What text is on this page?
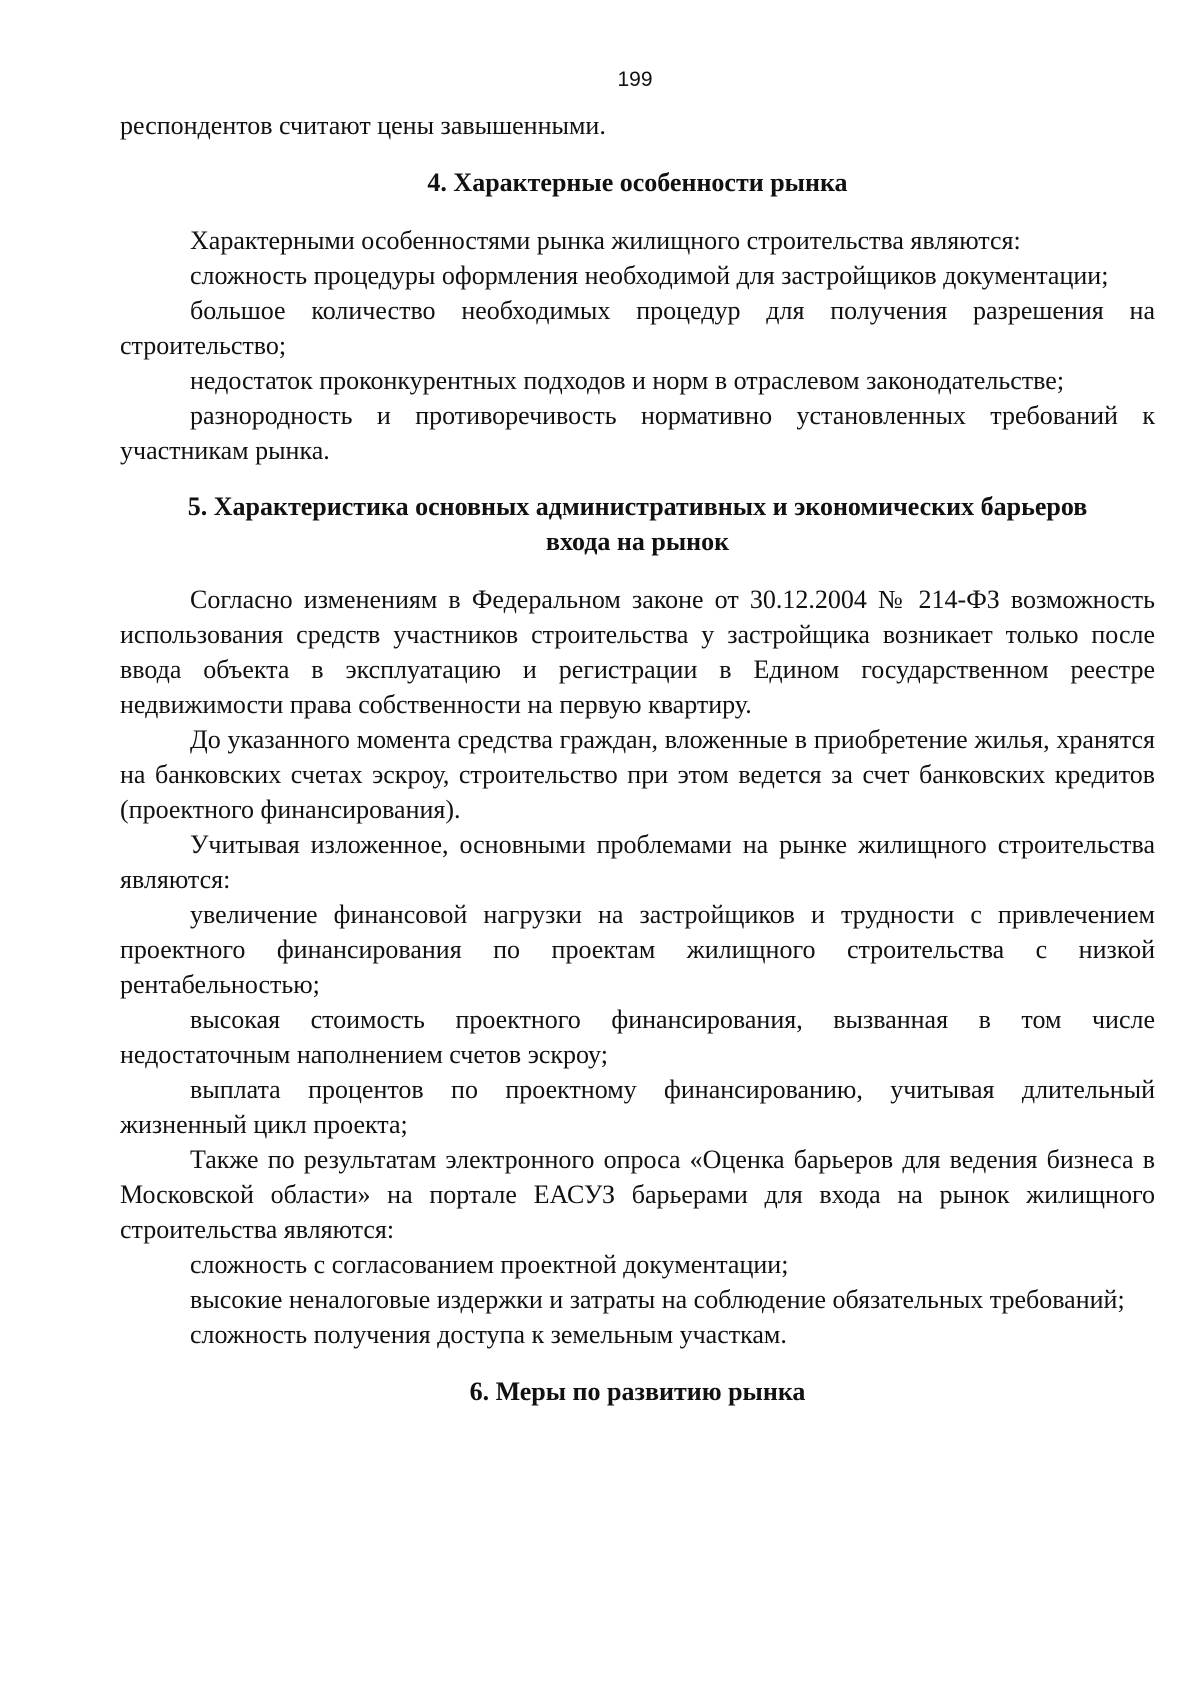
199

респондентов считают цены завышенными.

4. Характерные особенности рынка

Характерными особенностями рынка жилищного строительства являются:

сложность процедуры оформления необходимой для застройщиков документации;

большое количество необходимых процедур для получения разрешения на строительство;

недостаток проконкурентных подходов и норм в отраслевом законодательстве;

разнородность и противоречивость нормативно установленных требований к участникам рынка.

5. Характеристика основных административных и экономических барьеров
входа на рынок

Согласно изменениям в Федеральном законе от 30.12.2004 № 214-ФЗ возможность использования средств участников строительства у застройщика возникает только после ввода объекта в эксплуатацию и регистрации в Едином государственном реестре недвижимости права собственности на первую квартиру.

До указанного момента средства граждан, вложенные в приобретение жилья, хранятся на банковских счетах эскроу, строительство при этом ведется за счет банковских кредитов (проектного финансирования).

Учитывая изложенное, основными проблемами на рынке жилищного строительства являются:

увеличение финансовой нагрузки на застройщиков и трудности с привлечением проектного финансирования по проектам жилищного строительства с низкой рентабельностью;

высокая стоимость проектного финансирования, вызванная в том числе недостаточным наполнением счетов эскроу;

выплата процентов по проектному финансированию, учитывая длительный жизненный цикл проекта;

Также по результатам электронного опроса «Оценка барьеров для ведения бизнеса в Московской области» на портале ЕАСУЗ барьерами для входа на рынок жилищного строительства являются:

сложность с согласованием проектной документации;

высокие неналоговые издержки и затраты на соблюдение обязательных требований;

сложность получения доступа к земельным участкам.

6. Меры по развитию рынка
